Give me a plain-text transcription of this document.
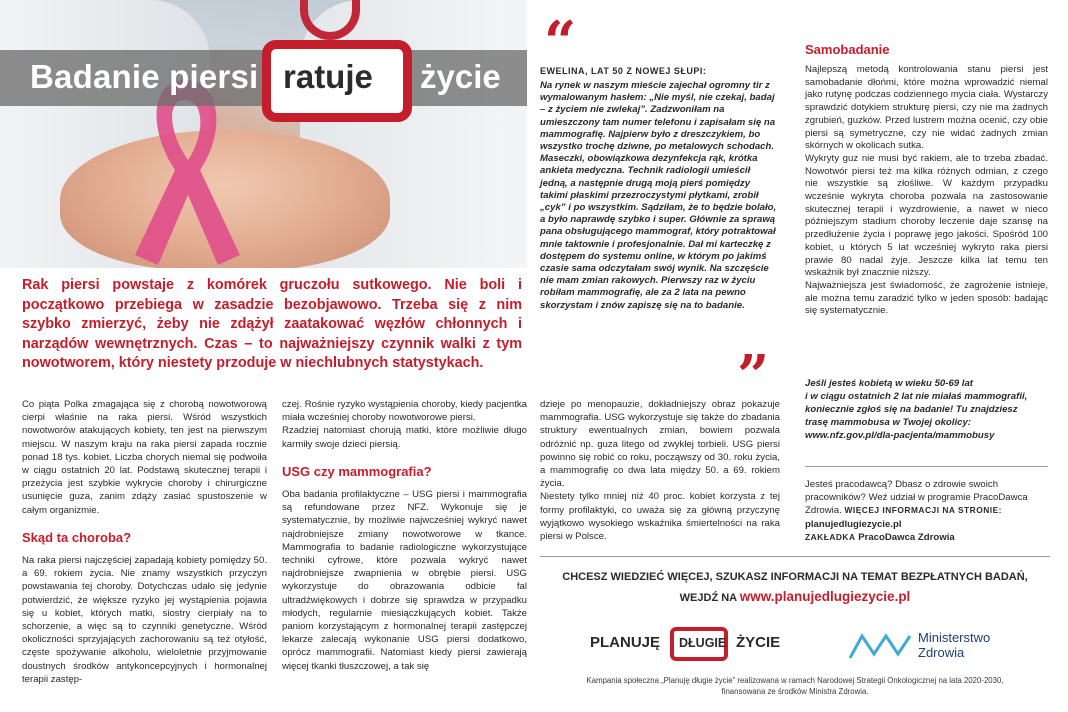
Badanie piersi ratuje życie
Rak piersi powstaje z komórek gruczołu sutkowego. Nie boli i początkowo przebiega w zasadzie bezobjawowo. Trzeba się z nim szybko zmierzyć, żeby nie zdążył zaatakować węzłów chłonnych i narządów wewnętrznych. Czas – to najważniejszy czynnik walki z tym nowotworem, który niestety przoduje w niechlubnych statystykach.

Co piąta Polka zmagająca się z chorobą nowotworową cierpi właśnie na raka piersi. Wśród wszystkich nowotworów atakujących kobiety, ten jest na pierwszym miejscu. W naszym kraju na raka piersi zapada rocznie ponad 18 tys. kobiet. Liczba chorych niemal się podwoiła w ciągu ostatnich 20 lat. Podstawą skutecznej terapii i przeżycia jest szybkie wykrycie choroby i chirurgiczne usunięcie guza, zanim zdąży zasiać spustoszenie w całym organizmie.

Skąd ta choroba?

Na raka piersi najczęściej zapadają kobiety pomiędzy 50. a 69. rokiem życia. Nie znamy wszystkich przyczyn powstawania tej choroby. Dotychczas udało się jedynie potwierdzić, że większe ryzyko jej wystąpienia pojawia się u kobiet, których matki, siostry cierpiały na to schorzenie, a więc są to czynniki genetyczne. Wśród okoliczności sprzyjających zachorowaniu są też otyłość, częste spożywanie alkoholu, wieloletnie przyjmowanie doustnych środków antykoncepcyjnych i hormonalnej terapii zastęp-

czej. Rośnie ryzyko wystąpienia choroby, kiedy pacjentka miała wcześniej choroby nowotworowe piersi.

Rzadziej natomiast chorują matki, które możliwie długo karmiły swoje dzieci piersią.

USG czy mammografia?

Oba badania profilaktyczne – USG piersi i mammografia są refundowane przez NFZ. Wykonuje się je systematycznie, by możliwie najwcześniej wykryć nawet najdrobniejsze zmiany nowotworowe w tkance. Mammografia to badanie radiologiczne wykorzystujące techniki cyfrowe, które pozwala wykryć nawet najdrobniejsze zwapnienia w obrębie piersi. USG wykorzystuje do obrazowania odbicie fal ultradźwiękowych i dobrze się sprawdza w przypadku młodych, regularnie miesiączkujących kobiet. Także paniom korzystającym z hormonalnej terapii zastępczej lekarze zalecają wykonanie USG piersi dodatkowo, oprócz mammografii. Natomiast kiedy piersi zawierają więcej tkanki tłuszczowej, a tak się

dzieje po menopauzie, dokładniejszy obraz pokazuje mammografia. USG wykorzystuje się także do zbadania struktury ewentualnych zmian, bowiem pozwala odróżnić np. guza litego od zwykłej torbieli. USG piersi powinno się robić co roku, począwszy od 30. roku życia, a mammografię co dwa lata między 50. a 69. rokiem życia.

Niestety tylko mniej niż 40 proc. kobiet korzysta z tej formy profilaktyki, co uważa się za główną przyczynę wyjątkowo wysokiego wskaźnika śmiertelności na raka piersi w Polsce.

“
EWELINA, LAT 50 Z NOWEJ SŁUPI:
Na rynek w naszym mieście zajechał ogromny tir z wymalowanym hasłem: „Nie myśl, nie czekaj, badaj – z życiem nie zwlekaj”. Zadzwoniłam na umieszczony tam numer telefonu i zapisałam się na mammografię. Najpierw było z dreszczykiem, bo wszystko trochę dziwne, po metalowych schodach. Maseczki, obowiązkowa dezynfekcja rąk, krótka ankieta medyczna. Technik radiologii umieścił jedną, a następnie drugą moją pierś pomiędzy takimi płaskimi przezroczystymi płytkami, zrobił „cyk” i po wszystkim. Sądziłam, że to będzie bolało, a było naprawdę szybko i super. Głównie za sprawą pana obsługującego mammograf, który potraktował mnie taktownie i profesjonalnie. Dał mi karteczkę z dostępem do systemu online, w którym po jakimś czasie sama odczytałam swój wynik. Na szczęście nie mam zmian rakowych. Pierwszy raz w życiu robiłam mammografię, ale za 2 lata na pewno skorzystam i znów zapiszę się na to badanie.
”
Samobadanie

Najlepszą metodą kontrolowania stanu piersi jest samobadanie dłońmi, które można wprowadzić niemal jako rutynę podczas codziennego mycia ciała. Wystarczy sprawdzić dotykiem strukturę piersi, czy nie ma żadnych zgrubień, guzków. Przed lustrem można ocenić, czy obie piersi są symetryczne, czy nie widać żadnych zmian skórnych w okolicach sutka.

Wykryty guz nie musi być rakiem, ale to trzeba zbadać. Nowotwór piersi też ma kilka różnych odmian, z czego nie wszystkie są złośliwe. W każdym przypadku wcześnie wykryta choroba pozwala na zastosowanie skutecznej terapii i wyzdrowienie, a nawet w nieco późniejszym stadium choroby leczenie daje szansę na przedłużenie życia i poprawę jego jakości. Spośród 100 kobiet, u których 5 lat wcześniej wykryto raka piersi prawie 80 nadal żyje. Jeszcze kilka lat temu ten wskaźnik był znacznie niższy.

Najważniejsza jest świadomość, że zagrożenie istnieje, ale można temu zaradzić tylko w jeden sposób: badając się systematycznie.

Jeśli jesteś kobietą w wieku 50-69 lat
i w ciągu ostatnich 2 lat nie miałaś mammografii,
koniecznie zgłoś się na badanie! Tu znajdziesz
trasę mammobusa w Twojej okolicy:
www.nfz.gov.pl/dla-pacjenta/mammobusy
Jesteś pracodawcą? Dbasz o zdrowie swoich pracowników? Weź udział w programie PracoDawca Zdrowia. WIĘCEJ INFORMACJI NA STRONIE: planujedlugiezycie.pl
ZAKŁADKA PracoDawca Zdrowia
CHCESZ WIEDZIEĆ WIĘCEJ, SZUKASZ INFORMACJI NA TEMAT BEZPŁATNYCH BADAŃ,
WEJDŹ NA www.planujedlugiezycie.pl
PLANUJĘ DŁUGIE ŻYCIE	Ministerstwo
Zdrowia
Kampania społeczna „Planuję długie życie” realizowana w ramach Narodowej Strategii Onkologicznej na lata 2020-2030,
finansowana ze środków Ministra Zdrowia.
